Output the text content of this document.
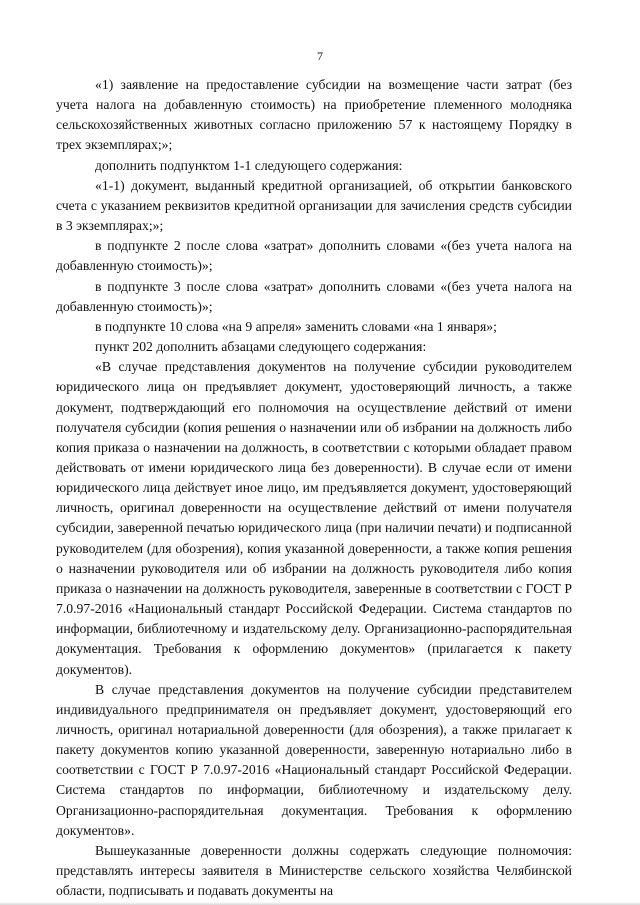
7

«1) заявление на предоставление субсидии на возмещение части затрат (без учета налога на добавленную стоимость) на приобретение племенного молодняка сельскохозяйственных животных согласно приложению 57 к настоящему Порядку в трех экземплярах;»;

дополнить подпунктом 1-1 следующего содержания:

«1-1) документ, выданный кредитной организацией, об открытии банковского счета с указанием реквизитов кредитной организации для зачисления средств субсидии в 3 экземплярах;»;

в подпункте 2 после слова «затрат» дополнить словами «(без учета налога на добавленную стоимость)»;

в подпункте 3 после слова «затрат» дополнить словами «(без учета налога на добавленную стоимость)»;

в подпункте 10 слова «на 9 апреля» заменить словами «на 1 января»;

пункт 202 дополнить абзацами следующего содержания:

«В случае представления документов на получение субсидии руководителем юридического лица он предъявляет документ, удостоверяющий личность, а также документ, подтверждающий его полномочия на осуществление действий от имени получателя субсидии (копия решения о назначении или об избрании на должность либо копия приказа о назначении на должность, в соответствии с которыми обладает правом действовать от имени юридического лица без доверенности). В случае если от имени юридического лица действует иное лицо, им предъявляется документ, удостоверяющий личность, оригинал доверенности на осуществление действий от имени получателя субсидии, заверенной печатью юридического лица (при наличии печати) и подписанной руководителем (для обозрения), копия указанной доверенности, а также копия решения о назначении руководителя или об избрании на должность руководителя либо копия приказа о назначении на должность руководителя, заверенные в соответствии с ГОСТ Р 7.0.97-2016 «Национальный стандарт Российской Федерации. Система стандартов по информации, библиотечному и издательскому делу. Организационно-распорядительная документация. Требования к оформлению документов» (прилагается к пакету документов).

В случае представления документов на получение субсидии представителем индивидуального предпринимателя он предъявляет документ, удостоверяющий его личность, оригинал нотариальной доверенности (для обозрения), а также прилагает к пакету документов копию указанной доверенности, заверенную нотариально либо в соответствии с ГОСТ Р 7.0.97-2016 «Национальный стандарт Российской Федерации. Система стандартов по информации, библиотечному и издательскому делу. Организационно-распорядительная документация. Требования к оформлению документов».

Вышеуказанные доверенности должны содержать следующие полномочия: представлять интересы заявителя в Министерстве сельского хозяйства Челябинской области, подписывать и подавать документы на
